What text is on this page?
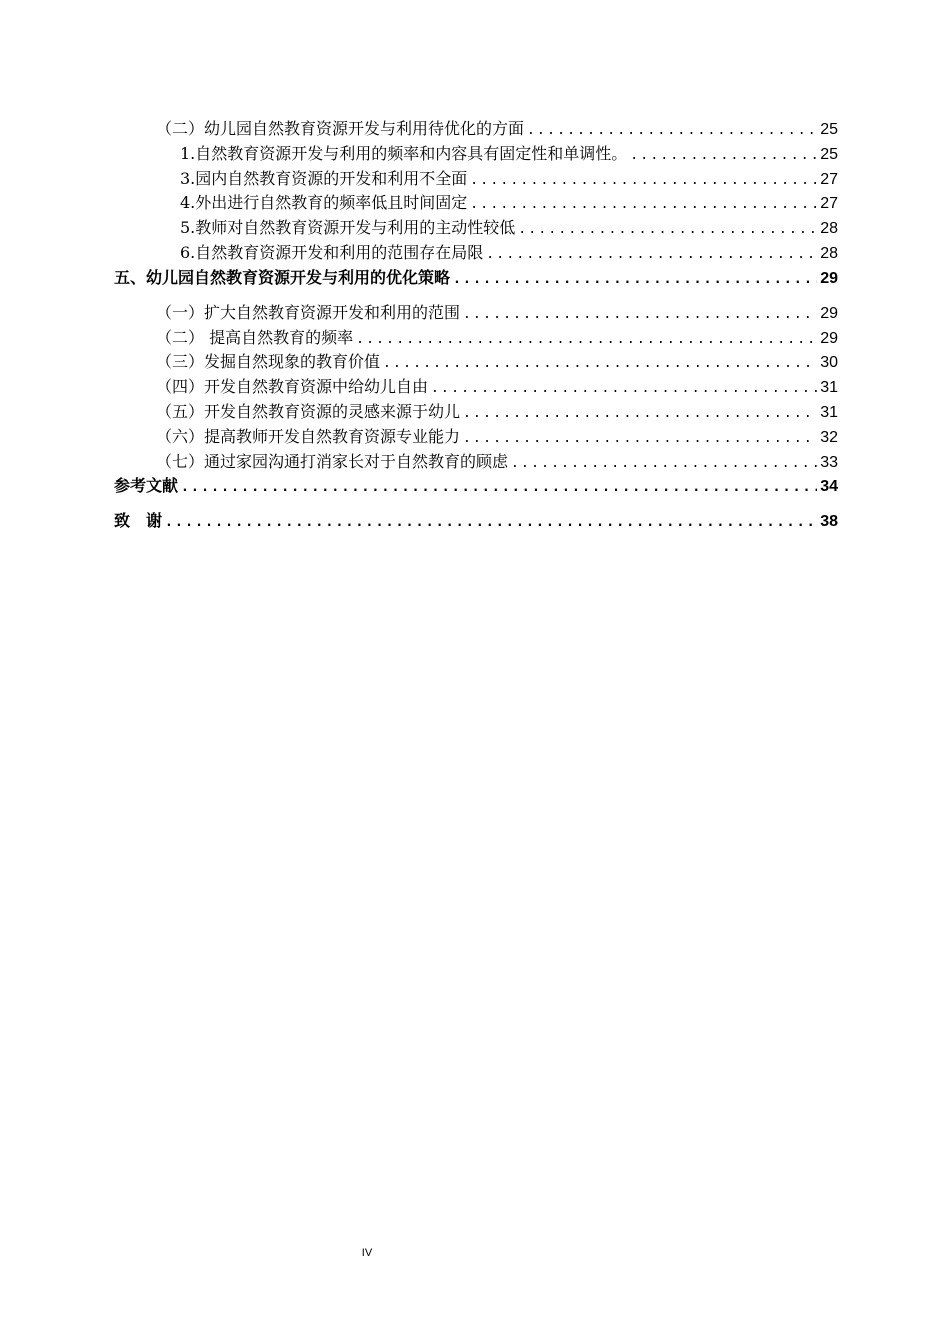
（二）幼儿园自然教育资源开发与利用待优化的方面 .....	25
1.自然教育资源开发与利用的频率和内容具有固定性和单调性。 .....	25
3.园内自然教育资源的开发和利用不全面 .....	27
4.外出进行自然教育的频率低且时间固定 .....	27
5.教师对自然教育资源开发与利用的主动性较低 .....	28
6.自然教育资源开发和利用的范围存在局限 .....	28
五、幼儿园自然教育资源开发与利用的优化策略 .....	29
（一）扩大自然教育资源开发和利用的范围 .....	29
（二） 提高自然教育的频率 .....	29
（三）发掘自然现象的教育价值 .....	30
（四）开发自然教育资源中给幼儿自由 .....	31
（五）开发自然教育资源的灵感来源于幼儿 .....	31
（六）提高教师开发自然教育资源专业能力 .....	32
（七）通过家园沟通打消家长对于自然教育的顾虑 .....	33
参考文献 .....	34
致　谢 .....	38
IV
